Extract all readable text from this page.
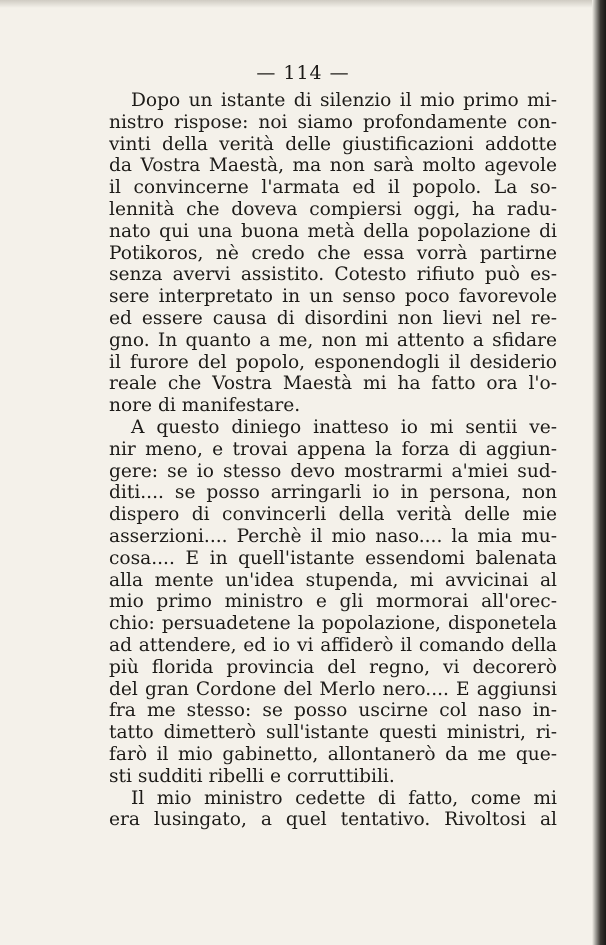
— 114 —
Dopo un istante di silenzio il mio primo mi-
nistro rispose: noi siamo profondamente con-
vinti della verità delle giustificazioni addotte
da Vostra Maestà, ma non sarà molto agevole
il convincerne l'armata ed il popolo. La so-
lennità che doveva compiersi oggi, ha radu-
nato qui una buona metà della popolazione di
Potikoros, nè credo che essa vorrà partirne
senza avervi assistito. Cotesto rifiuto può es-
sere interpretato in un senso poco favorevole
ed essere causa di disordini non lievi nel re-
gno. In quanto a me, non mi attento a sfidare
il furore del popolo, esponendogli il desiderio
reale che Vostra Maestà mi ha fatto ora l'o-
nore di manifestare.
A questo diniego inatteso io mi sentii ve-
nir meno, e trovai appena la forza di aggiun-
gere: se io stesso devo mostrarmi a'miei sud-
diti.... se posso arringarli io in persona, non
dispero di convincerli della verità delle mie
asserzioni.... Perchè il mio naso.... la mia mu-
cosa.... E in quell'istante essendomi balenata
alla mente un'idea stupenda, mi avvicinai al
mio primo ministro e gli mormorai all'orec-
chio: persuadetene la popolazione, disponetela
ad attendere, ed io vi affiderò il comando della
più florida provincia del regno, vi decorerò
del gran Cordone del Merlo nero.... E aggiunsi
fra me stesso: se posso uscirne col naso in-
tatto dimetterò sull'istante questi ministri, ri-
farò il mio gabinetto, allontanerò da me que-
sti sudditi ribelli e corruttibili.
Il mio ministro cedette di fatto, come mi
era lusingato, a quel tentativo. Rivoltosi al
